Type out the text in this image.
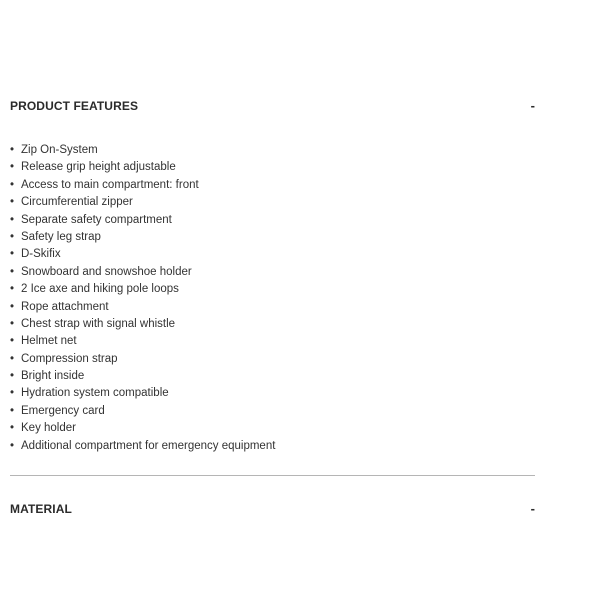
PRODUCT FEATURES	-
• Zip On-System
• Release grip height adjustable
• Access to main compartment: front
• Circumferential zipper
• Separate safety compartment
• Safety leg strap
• D-Skifix
• Snowboard and snowshoe holder
• 2 Ice axe and hiking pole loops
• Rope attachment
• Chest strap with signal whistle
• Helmet net
• Compression strap
• Bright inside
• Hydration system compatible
• Emergency card
• Key holder
• Additional compartment for emergency equipment
MATERIAL	-
